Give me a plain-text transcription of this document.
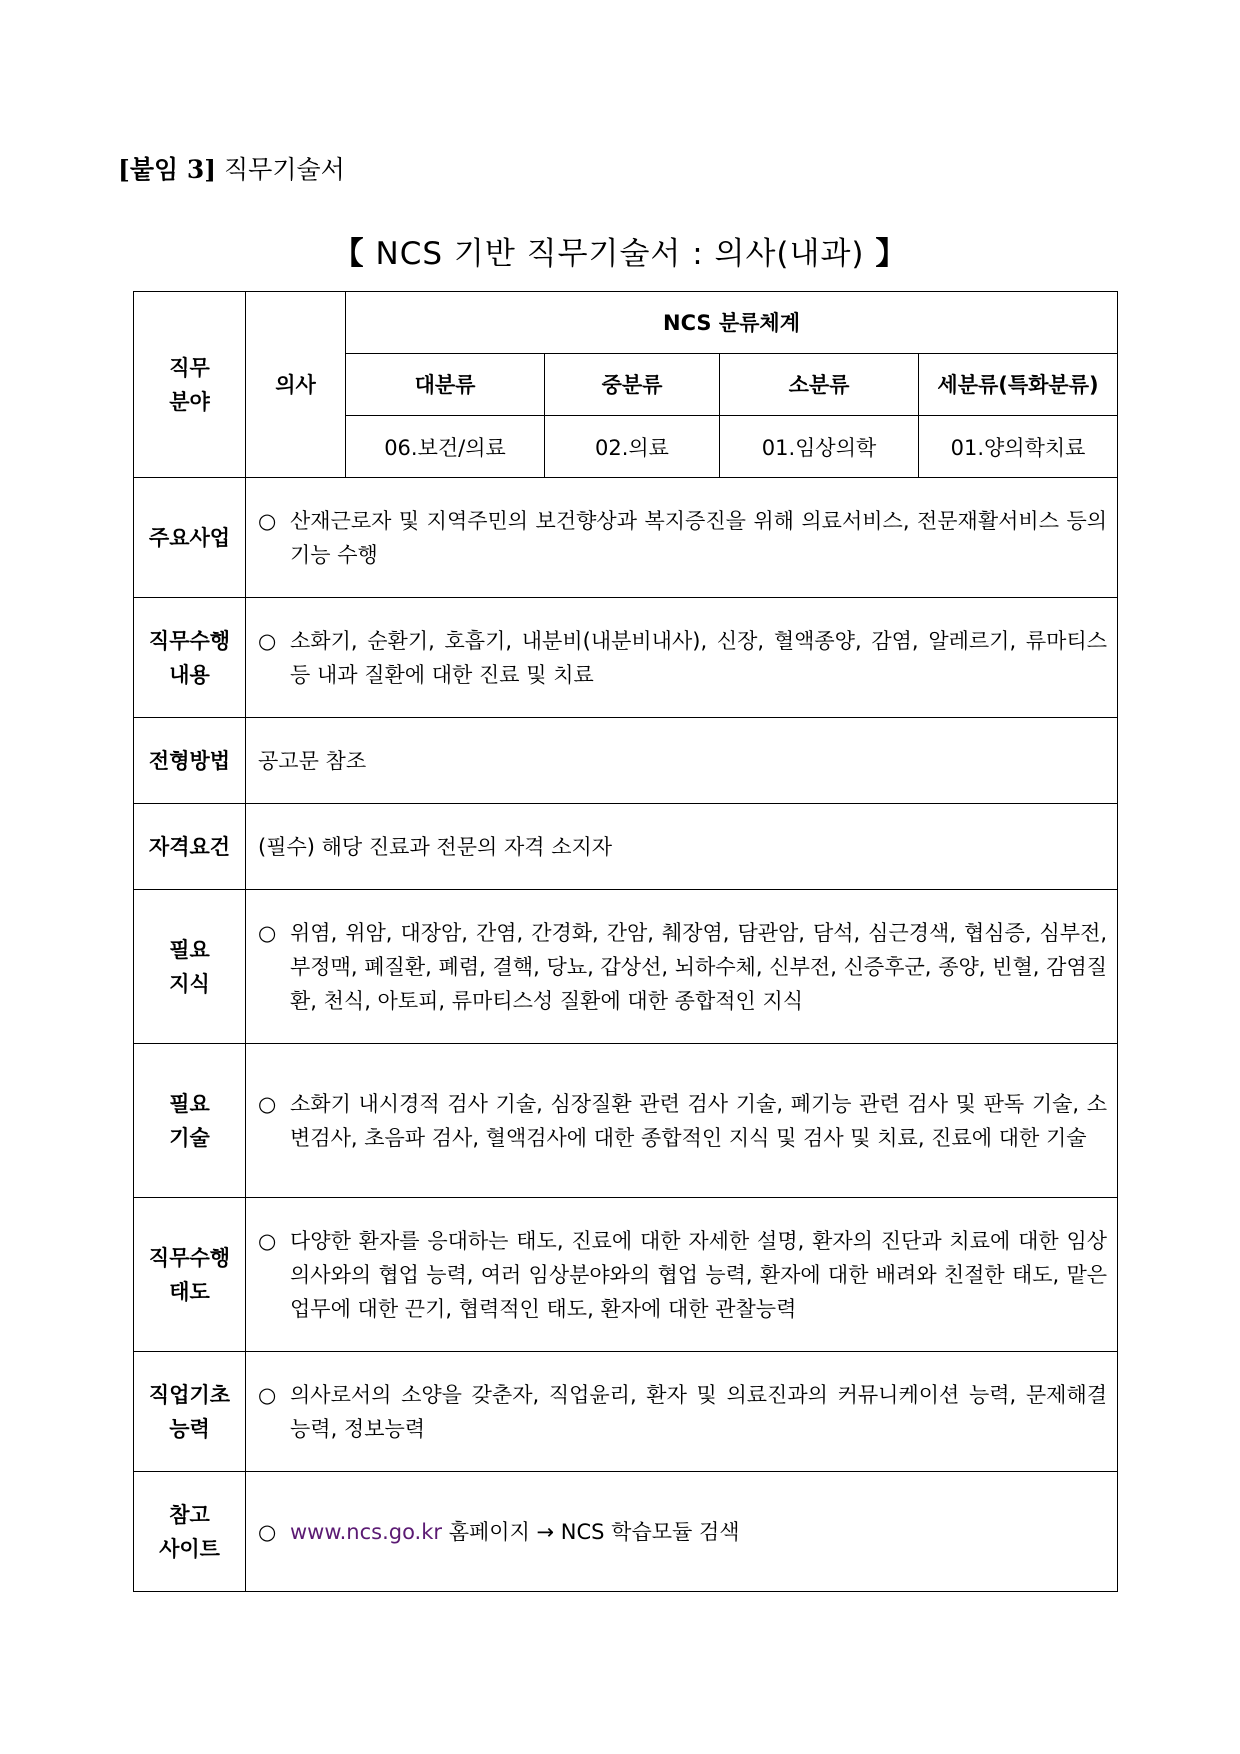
[붙임 3] 직무기술서
【 NCS 기반 직무기술서 : 의사(내과) 】
직무
분야	의사	NCS 분류체계			
		대분류	중분류	소분류	세분류(특화분류)
		06.보건/의료	02.의료	01.임상의학	01.양의학치료
주요사업	○ 산재근로자 및 지역주민의 보건향상과 복지증진을 위해 의료서비스, 전문재활서비스 등의 기능 수행				

직무수행
내용	○ 소화기, 순환기, 호흡기, 내분비(내분비내사), 신장, 혈액종양, 감염, 알레르기, 류마티스 등 내과 질환에 대한 진료 및 치료				

전형방법	공고문 참조				
자격요건	(필수) 해당 진료과 전문의 자격 소지자				
필요
지식	○ 위염, 위암, 대장암, 간염, 간경화, 간암, 췌장염, 담관암, 담석, 심근경색, 협심증, 심부전, 부정맥, 폐질환, 폐렴, 결핵, 당뇨, 갑상선, 뇌하수체, 신부전, 신증후군, 종양, 빈혈, 감염질환, 천식, 아토피, 류마티스성 질환에 대한 종합적인 지식				

필요
기술	○ 소화기 내시경적 검사 기술, 심장질환 관련 검사 기술, 폐기능 관련 검사 및 판독 기술, 소변검사, 초음파 검사, 혈액검사에 대한 종합적인 지식 및 검사 및 치료, 진료에 대한 기술				

직무수행
태도	○ 다양한 환자를 응대하는 태도, 진료에 대한 자세한 설명, 환자의 진단과 치료에 대한 임상 의사와의 협업 능력, 여러 임상분야와의 협업 능력, 환자에 대한 배려와 친절한 태도, 맡은 업무에 대한 끈기, 협력적인 태도, 환자에 대한 관찰능력				

직업기초
능력	○ 의사로서의 소양을 갖춘자, 직업윤리, 환자 및 의료진과의 커뮤니케이션 능력, 문제해결 능력, 정보능력				

참고
사이트	○ www.ncs.go.kr 홈페이지 → NCS 학습모듈 검색				
